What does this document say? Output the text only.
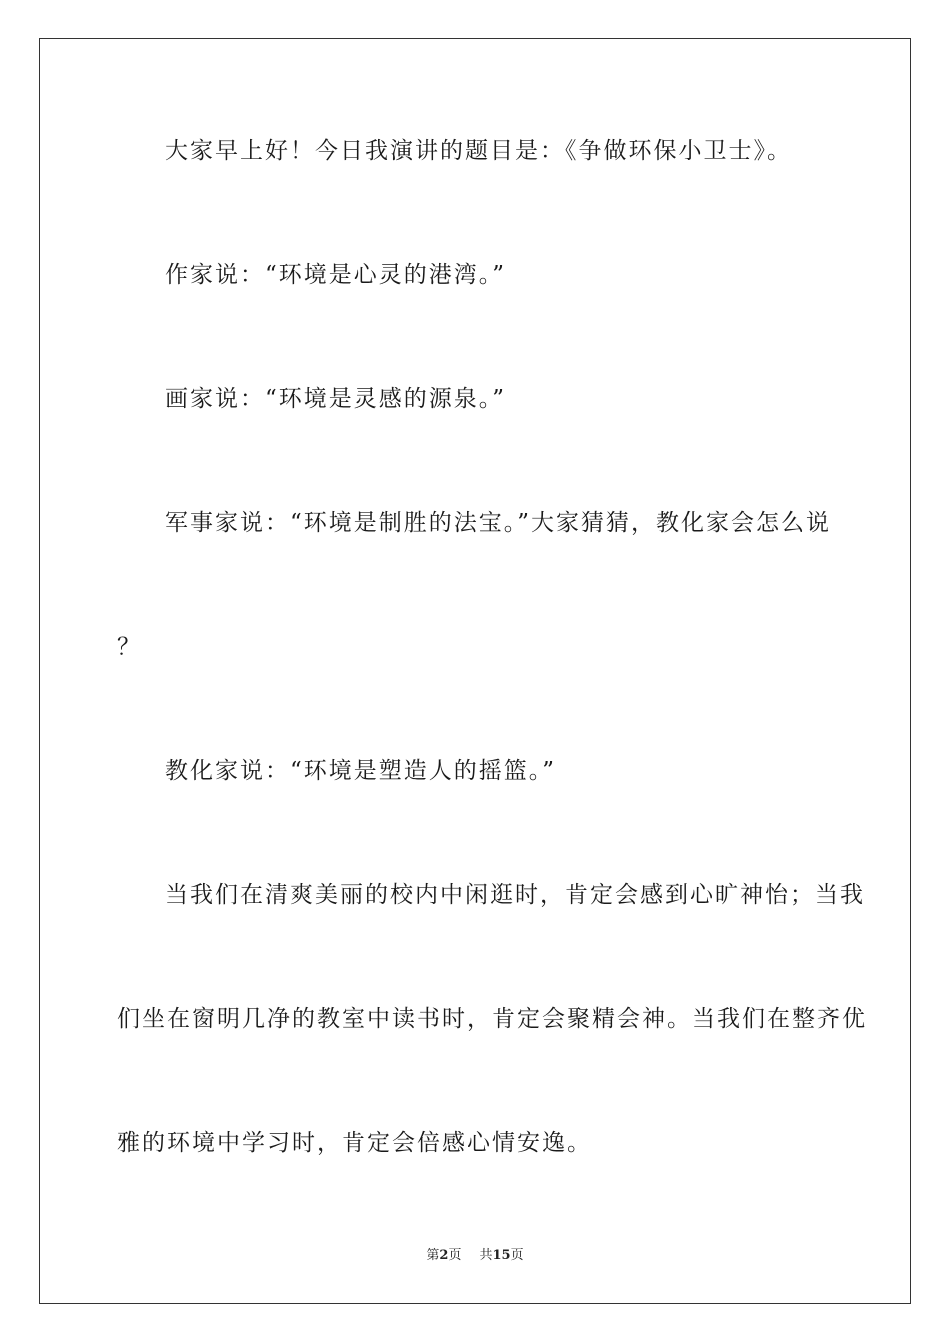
大家早上好！今日我演讲的题目是：《争做环保小卫士》。
作家说：“环境是心灵的港湾。”
画家说：“环境是灵感的源泉。”
军事家说：“环境是制胜的法宝。”大家猜猜，教化家会怎么说
？
教化家说：“环境是塑造人的摇篮。”
当我们在清爽美丽的校内中闲逛时，肯定会感到心旷神怡；当我
们坐在窗明几净的教室中读书时，肯定会聚精会神。当我们在整齐优
雅的环境中学习时，肯定会倍感心情安逸。
第2页 共15页
